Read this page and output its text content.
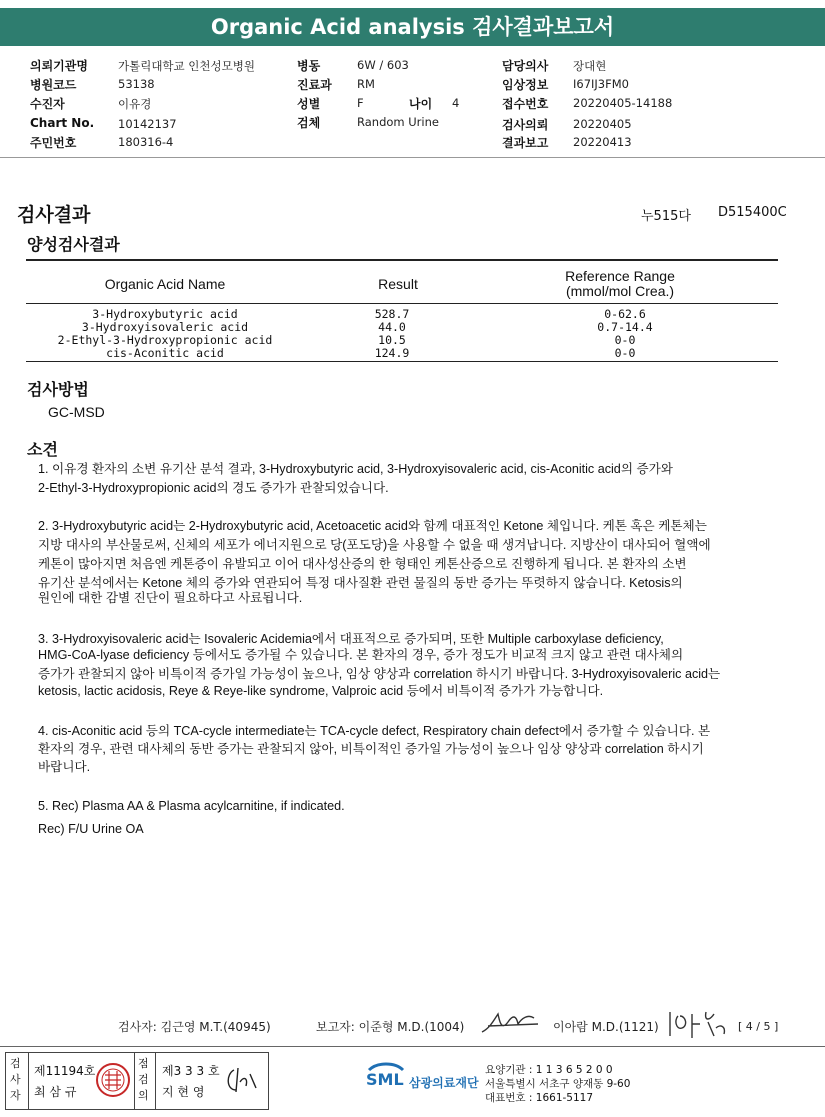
Organic Acid analysis 검사결과보고서
의뢰기관명	가톨릭대학교 인천성모병원
병원코드	53138
수진자	이유경
Chart No. 10142137
주민번호	180316-4
병동	6W / 603
진료과 RM
성별	F	나이 4
검체	Random Urine
담당의사 장대현
임상정보 I67IJ3FM0
접수번호 20220405-14188
검사의뢰 20220405
결과보고 20220413
검사결과	누515다 D515400C
양성검사결과
Organic Acid Name	Result	Reference Range
(mmol/mol Crea.)
3-Hydroxybutyric acid	528.7	0-62.6
3-Hydroxyisovaleric acid	44.0	0.7-14.4
2-Ethyl-3-Hydroxypropionic acid	10.5	0-0
cis-Aconitic acid	124.9	0-0
검사방법
GC-MSD
소견
1. 이유경 환자의 소변 유기산 분석 결과, 3-Hydroxybutyric acid, 3-Hydroxyisovaleric acid, cis-Aconitic acid의 증가와
2-Ethyl-3-Hydroxypropionic acid의 경도 증가가 관찰되었습니다.
2. 3-Hydroxybutyric acid는 2-Hydroxybutyric acid, Acetoacetic acid와 함께 대표적인 Ketone 체입니다. 케톤 혹은 케톤체는
지방 대사의 부산물로써, 신체의 세포가 에너지원으로 당(포도당)을 사용할 수 없을 때 생겨납니다. 지방산이 대사되어 혈액에
케톤이 많아지면 처음엔 케톤증이 유발되고 이어 대사성산증의 한 형태인 케톤산증으로 진행하게 됩니다. 본 환자의 소변
유기산 분석에서는 Ketone 체의 증가와 연관되어 특정 대사질환 관련 물질의 동반 증가는 뚜렷하지 않습니다. Ketosis의
원인에 대한 감별 진단이 필요하다고 사료됩니다.
3. 3-Hydroxyisovaleric acid는 Isovaleric Acidemia에서 대표적으로 증가되며, 또한 Multiple carboxylase deficiency,
HMG-CoA-lyase deficiency 등에서도 증가될 수 있습니다. 본 환자의 경우, 증가 정도가 비교적 크지 않고 관련 대사체의
증가가 관찰되지 않아 비특이적 증가일 가능성이 높으나, 임상 양상과 correlation 하시기 바랍니다. 3-Hydroxyisovaleric acid는
ketosis, lactic acidosis, Reye & Reye-like syndrome, Valproic acid 등에서 비특이적 증가가 가능합니다.
4. cis-Aconitic acid 등의 TCA-cycle intermediate는 TCA-cycle defect, Respiratory chain defect에서 증가할 수 있습니다. 본
환자의 경우, 관련 대사체의 동반 증가는 관찰되지 않아, 비특이적인 증가일 가능성이 높으나 임상 양상과 correlation 하시기
바랍니다.
5. Rec) Plasma AA & Plasma acylcarnitine, if indicated.
Rec) F/U Urine OA
검사자: 김근영 M.T.(40945)	보고자: 이준형 M.D.(1004)	이아람 M.D.(1121)	[ 4 / 5 ]
검
사
자
제11194호
최 삼 규
점
검
의
제3 3 3 호
지 현 영
SML 삼광의료재단
요양기관 : 1 1 3 6 5 2 0 0
서울특별시 서초구 양재동 9-60
대표번호 : 1661-5117
